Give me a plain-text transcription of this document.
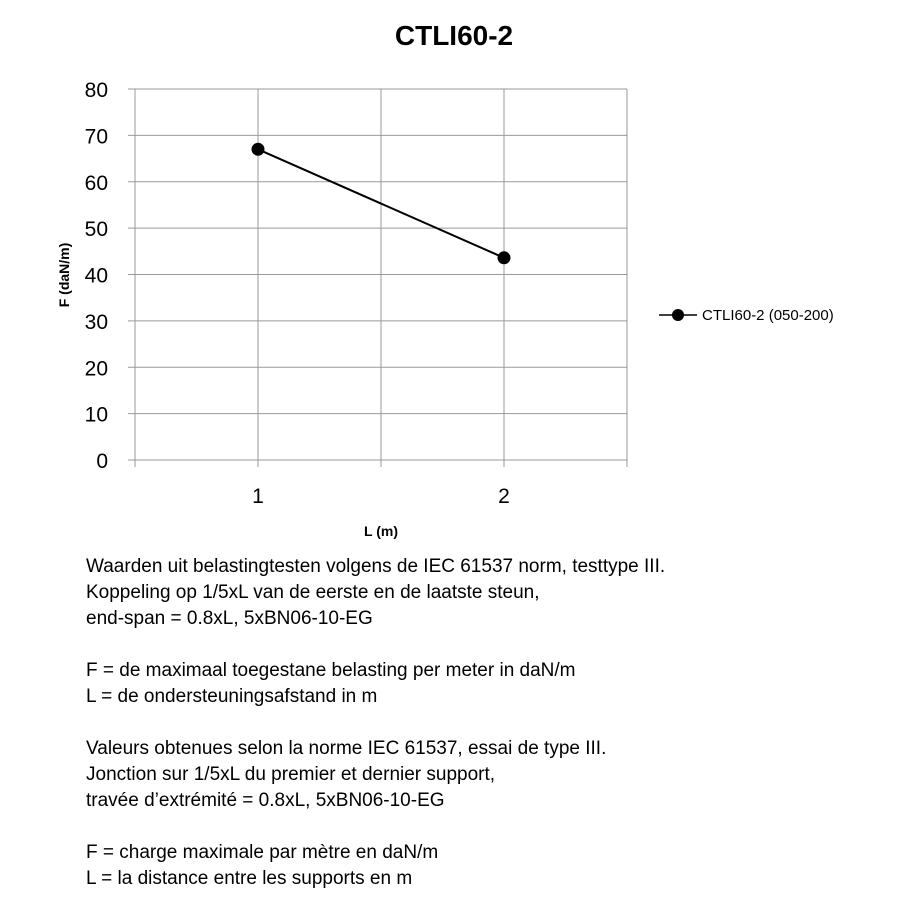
CTLI60-2
0
10
20
30
40
50
60
70
80
1	2
L (m)
F (daN/m)
CTLI60-2 (050-200)
Waarden uit belastingtesten volgens de IEC 61537 norm, testtype III.
Koppeling op 1/5xL van de eerste en de laatste steun,
end-span = 0.8xL, 5xBN06-10-EG
F = de maximaal toegestane belasting per meter in daN/m
L = de ondersteuningsafstand in m
Valeurs obtenues selon la norme IEC 61537, essai de type III.
Jonction sur 1/5xL du premier et dernier support,
travée d’extrémité = 0.8xL, 5xBN06-10-EG
F = charge maximale par mètre en daN/m
L = la distance entre les supports en m
